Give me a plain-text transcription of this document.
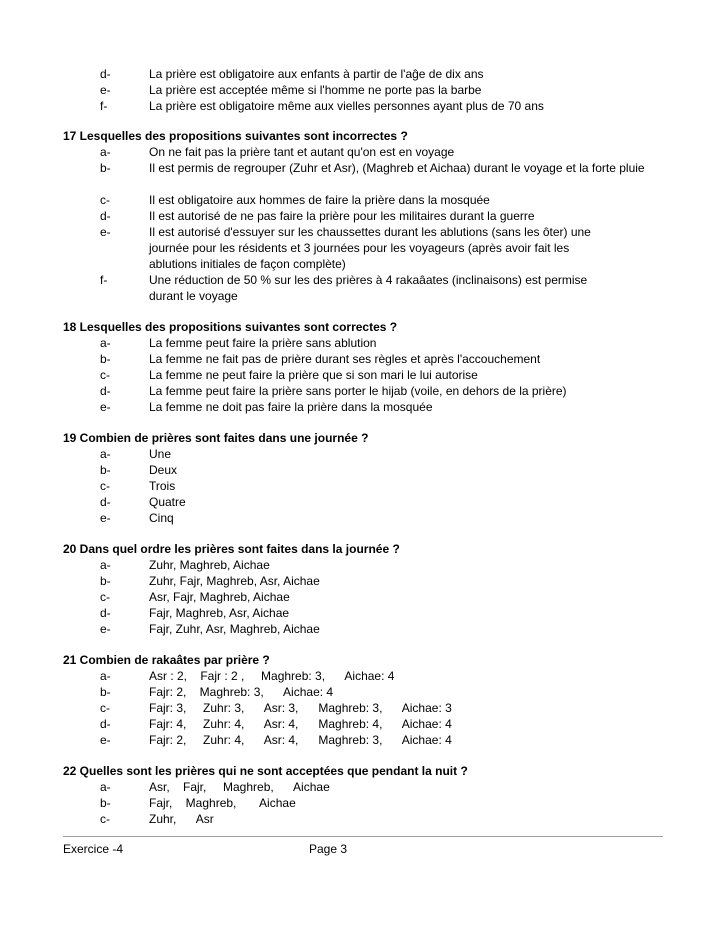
d-	La prière est obligatoire aux enfants à partir de l'aĝe de dix ans
e-	La prière est acceptée même si l'homme ne porte pas la barbe
f-	La prière est obligatoire même aux vielles personnes ayant plus de 70 ans
17 Lesquelles des propositions suivantes sont incorrectes ?
a-	On ne fait pas la prière tant et autant qu'on est en voyage
b-	Il est permis de regrouper (Zuhr et Asr), (Maghreb et Aichaa) durant le voyage et la forte pluie
c-	Il est obligatoire aux hommes de faire la prière dans la mosquée
d-	Il est autorisé de ne pas faire la prière pour les militaires durant la guerre
e-	Il est autorisé d'essuyer sur les chaussettes durant les ablutions (sans les ôter) une journée pour les résidents et 3 journées pour les voyageurs (après avoir fait les ablutions initiales de façon complète)
f-	Une réduction de 50 % sur les des prières à 4 rakaâates (inclinaisons) est permise durant le voyage
18 Lesquelles des propositions suivantes sont correctes ?
a-	La femme peut faire la prière sans ablution
b-	La femme ne fait pas de prière durant ses règles et après l'accouchement
c-	La femme ne peut faire la prière que si son mari le lui autorise
d-	La femme peut faire la prière sans porter le hijab (voile, en dehors de la prière)
e-	La femme ne doit pas faire la prière dans la mosquée
19 Combien de prières sont faites dans une journée ?
a-	Une
b-	Deux
c-	Trois
d-	Quatre
e-	Cinq
20 Dans quel ordre les prières sont faites dans la journée ?
a-	Zuhr, Maghreb, Aichae
b-	Zuhr, Fajr, Maghreb, Asr, Aichae
c-	Asr, Fajr, Maghreb, Aichae
d-	Fajr, Maghreb, Asr, Aichae
e-	Fajr, Zuhr, Asr, Maghreb, Aichae
21 Combien de rakaâtes par prière ?
a-	Asr : 2,    Fajr : 2 ,     Maghreb: 3,      Aichae: 4
b-	Fajr: 2,    Maghreb: 3,      Aichae: 4
c-	Fajr: 3,     Zuhr: 3,      Asr: 3,      Maghreb: 3,      Aichae: 3
d-	Fajr: 4,     Zuhr: 4,      Asr: 4,      Maghreb: 4,      Aichae: 4
e-	Fajr: 2,     Zuhr: 4,      Asr: 4,      Maghreb: 3,      Aichae: 4
22 Quelles sont les prières qui ne sont acceptées que pendant la nuit ?
a-	Asr,    Fajr,     Maghreb,      Aichae
b-	Fajr,    Maghreb,       Aichae
c-	Zuhr,      Asr
Exercice -4	Page 3
